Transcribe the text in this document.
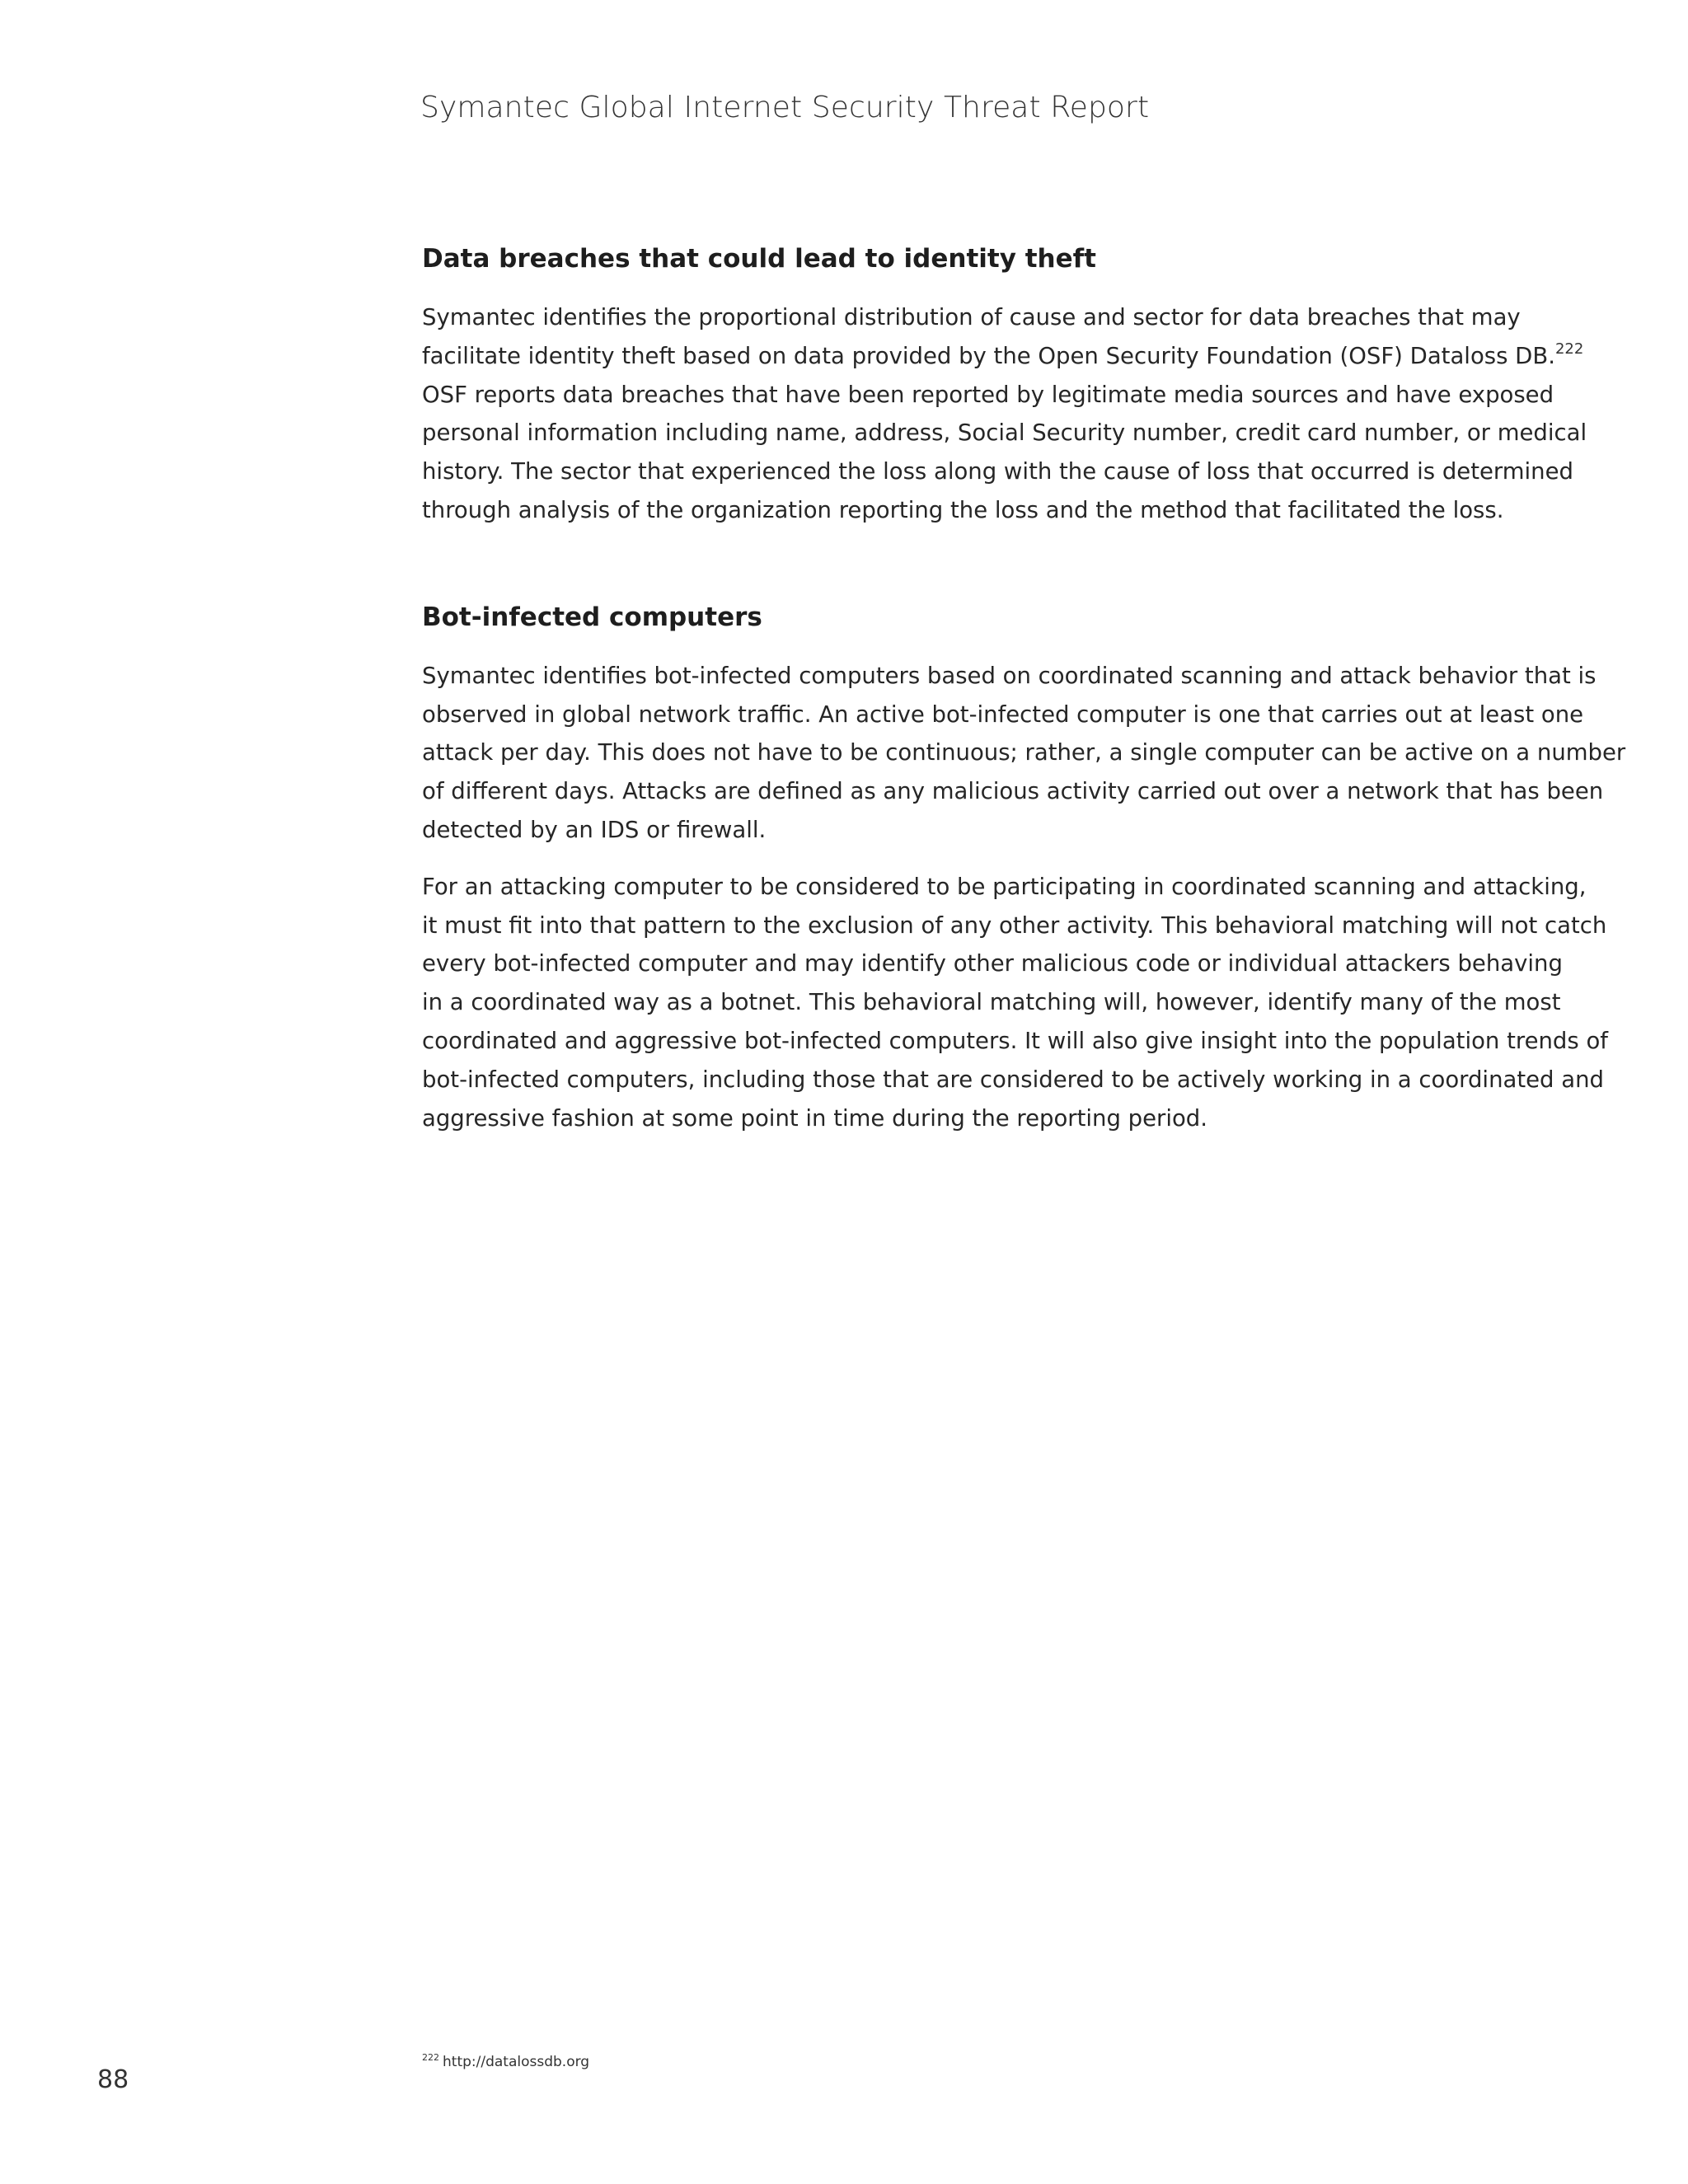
Symantec Global Internet Security Threat Report
Data breaches that could lead to identity theft
Symantec identifies the proportional distribution of cause and sector for data breaches that may
facilitate identity theft based on data provided by the Open Security Foundation (OSF) Dataloss DB.$^{222}$
OSF reports data breaches that have been reported by legitimate media sources and have exposed
personal information including name, address, Social Security number, credit card number, or medical
history. The sector that experienced the loss along with the cause of loss that occurred is determined
through analysis of the organization reporting the loss and the method that facilitated the loss.
Bot-infected computers
Symantec identifies bot-infected computers based on coordinated scanning and attack behavior that is
observed in global network traffic. An active bot-infected computer is one that carries out at least one
attack per day. This does not have to be continuous; rather, a single computer can be active on a number
of different days. Attacks are defined as any malicious activity carried out over a network that has been
detected by an IDS or firewall.
For an attacking computer to be considered to be participating in coordinated scanning and attacking,
it must fit into that pattern to the exclusion of any other activity. This behavioral matching will not catch
every bot-infected computer and may identify other malicious code or individual attackers behaving
in a coordinated way as a botnet. This behavioral matching will, however, identify many of the most
coordinated and aggressive bot-infected computers. It will also give insight into the population trends of
bot-infected computers, including those that are considered to be actively working in a coordinated and
aggressive fashion at some point in time during the reporting period.
$^{222}$ http://datalossdb.org
88
